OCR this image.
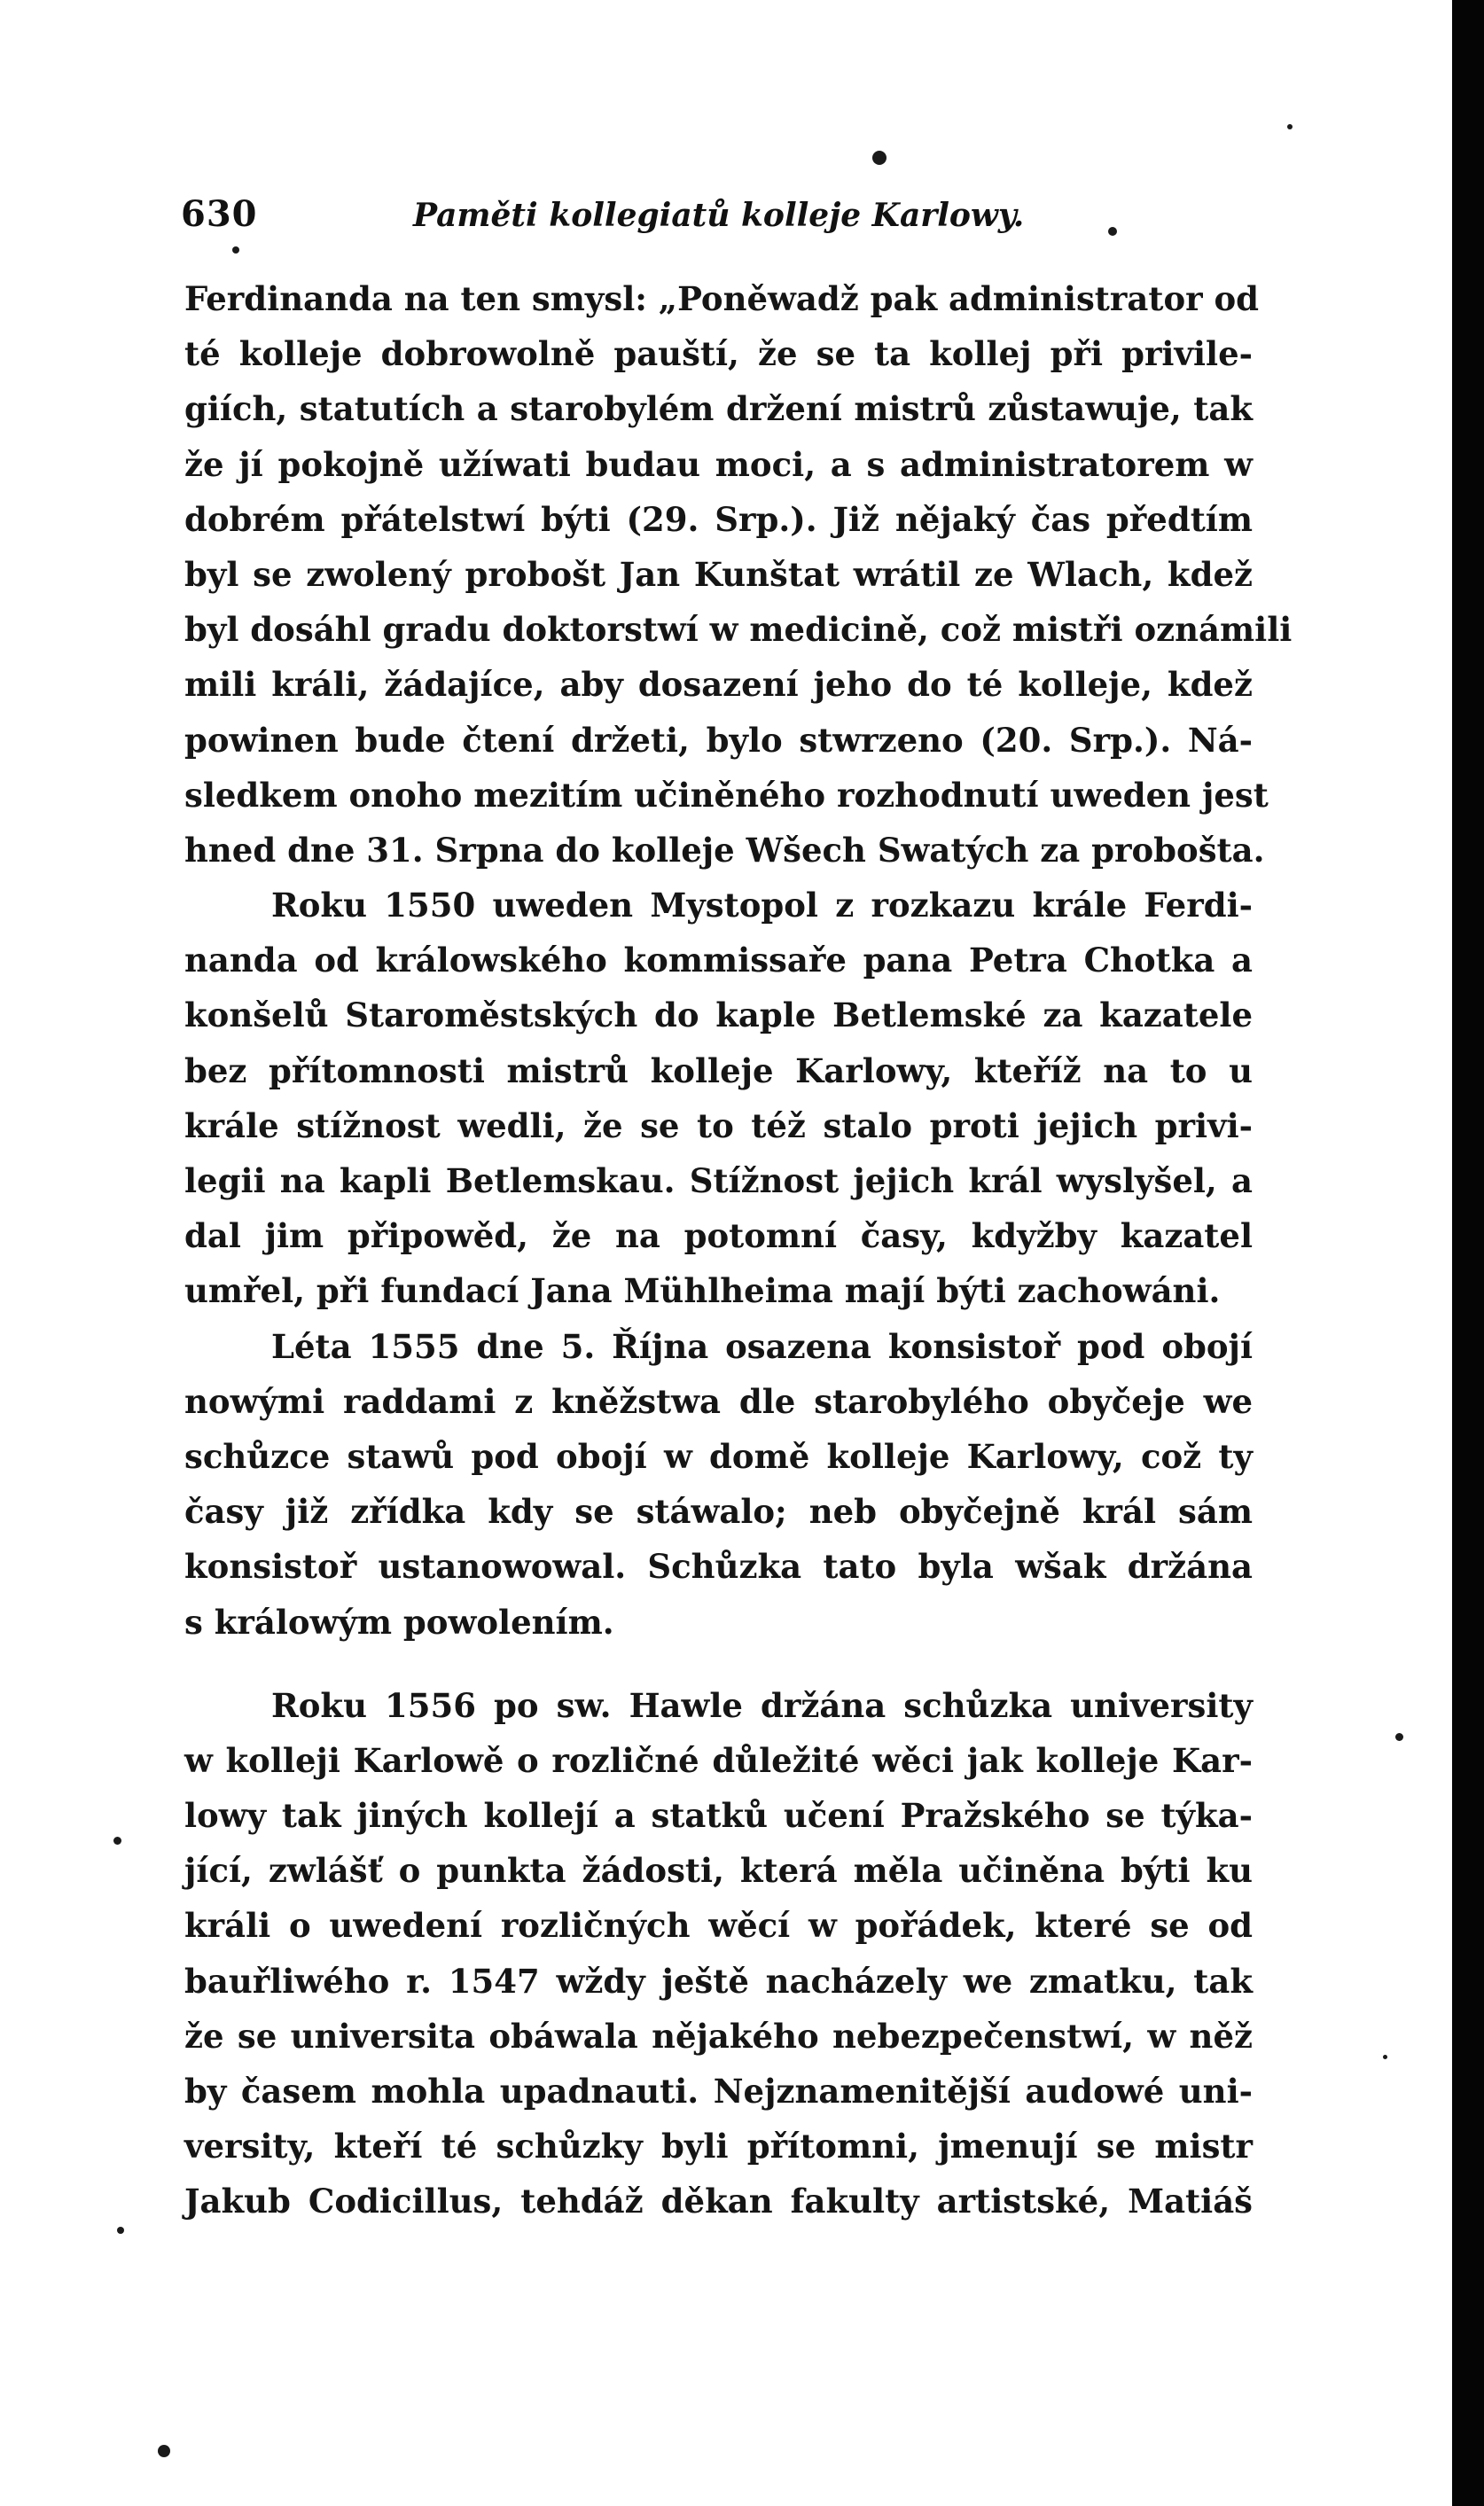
630	Paměti kollegiatů kolleje Karlowy.
Ferdinanda na ten smysl: „Poněwadž pak administrator od
té kolleje dobrowolně pauští, že se ta kollej při privile-
giích, statutích a starobylém držení mistrů zůstawuje, tak
že jí pokojně užíwati budau moci, a s administratorem w
dobrém přátelstwí býti (29. Srp.). Již nějaký čas předtím
byl se zwolený probošt Jan Kunštat wrátil ze Wlach, kdež
byl dosáhl gradu doktorstwí w medicině, což mistři oznámili
mili králi, žádajíce, aby dosazení jeho do té kolleje, kdež
powinen bude čtení držeti, bylo stwrzeno (20. Srp.). Ná-
sledkem onoho mezitím učiněného rozhodnutí uweden jest
hned dne 31. Srpna do kolleje Wšech Swatých za proboštа.
Roku 1550 uweden Mystopol z rozkazu krále Ferdi-
nanda od králowského kommissaře pana Petra Chotka a
konšelů Staroměstských do kaple Betlemské za kazatele
bez přítomnosti mistrů kolleje Karlowy, kteříž na to u
krále stížnost wedli, že se to též stalo proti jejich privi-
legii na kapli Betlemskau. Stížnost jejich král wyslyšel, a
dal jim připowěd, že na potomní časy, kdyžby kazatel
umřel, při fundací Jana Mühlheima mají býti zachowáni.
Léta 1555 dne 5. Října osazena konsistoř pod obojí
nowými raddami z kněžstwa dle starobylého obyčeje we
schůzce stawů pod obojí w domě kolleje Karlowy, což ty
časy již zřídka kdy se stáwalo; neb obyčejně král sám
konsistoř ustanowowal. Schůzka tato byla wšak držána
s králowým powolením.
Roku 1556 po sw. Hawle držána schůzka university
w kolleji Karlowě o rozličné důležité wěci jak kolleje Kar-
lowy tak jiných kollejí a statků učení Pražského se týka-
jící, zwlášť o punkta žádosti, která měla učiněna býti ku
králi o uwedení rozličných wěcí w pořádek, které se od
bauřliwého r. 1547 wždy ještě nacházely we zmatku, tak
že se universita obáwala nějakého nebezpečenstwí, w něž
by časem mohla upadnauti. Nejznamenitější audowé uni-
versity, kteří té schůzky byli přítomni, jmenují se mistr
Jakub Codicillus, tehdáž děkan fakulty artistské, Matiáš
